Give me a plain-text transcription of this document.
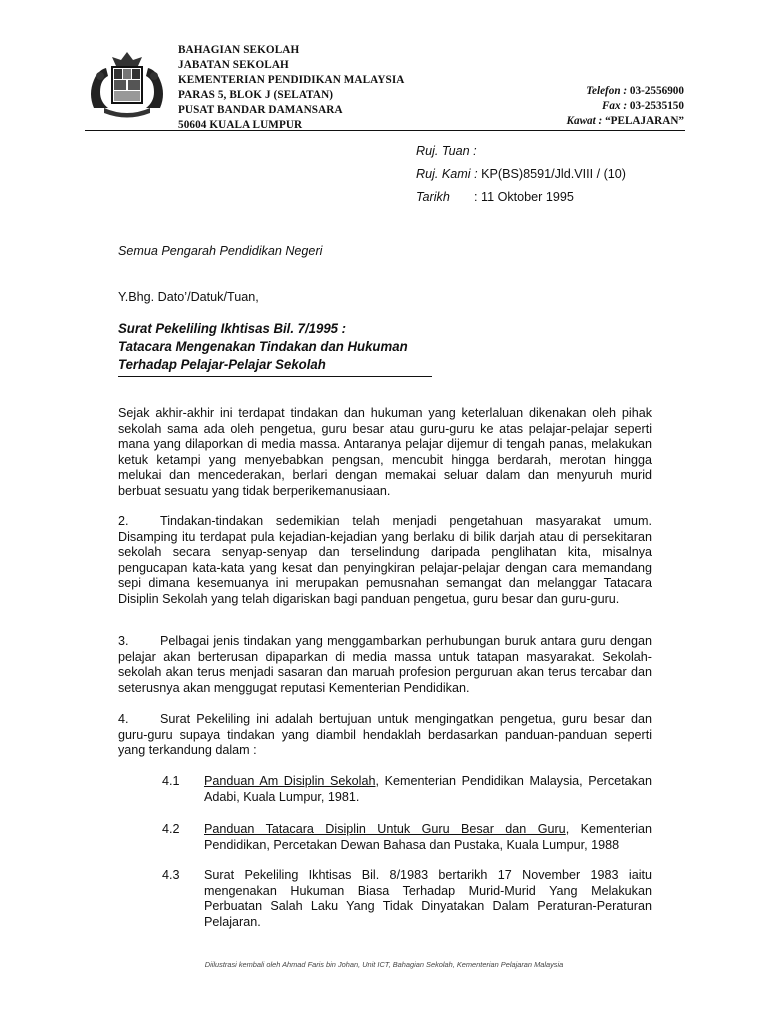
BAHAGIAN SEKOLAH
JABATAN SEKOLAH
KEMENTERIAN PENDIDIKAN MALAYSIA
PARAS 5, BLOK J (SELATAN)
PUSAT BANDAR DAMANSARA
50604 KUALA LUMPUR
Telefon : 03-2556900
Fax : 03-2535150
Kawat : “PELAJARAN”
Ruj. Tuan :
Ruj. Kami : KP(BS)8591/Jld.VIII / (10)
Tarikh : 11 Oktober 1995
Semua Pengarah Pendidikan Negeri
Y.Bhg. Dato’/Datuk/Tuan,
Surat Pekeliling Ikhtisas Bil. 7/1995 :
Tatacara Mengenakan Tindakan dan Hukuman
Terhadap Pelajar-Pelajar Sekolah
Sejak akhir-akhir ini terdapat tindakan dan hukuman yang keterlaluan dikenakan oleh pihak sekolah sama ada oleh pengetua, guru besar atau guru-guru ke atas pelajar-pelajar seperti mana yang dilaporkan di media massa. Antaranya pelajar dijemur di tengah panas, melakukan ketuk ketampi yang menyebabkan pengsan, mencubit hingga berdarah, merotan hingga melukai dan mencederakan, berlari dengan memakai seluar dalam dan menyuruh murid berbuat sesuatu yang tidak berperikemanusiaan.
2. Tindakan-tindakan sedemikian telah menjadi pengetahuan masyarakat umum. Disamping itu terdapat pula kejadian-kejadian yang berlaku di bilik darjah atau di persekitaran sekolah secara senyap-senyap dan terselindung daripada penglihatan kita, misalnya pengucapan kata-kata yang kesat dan penyingkiran pelajar-pelajar dengan cara memandang sepi dimana kesemuanya ini merupakan pemusnahan semangat dan melanggar Tatacara Disiplin Sekolah yang telah digariskan bagi panduan pengetua, guru besar dan guru-guru.
3. Pelbagai jenis tindakan yang menggambarkan perhubungan buruk antara guru dengan pelajar akan berterusan dipaparkan di media massa untuk tatapan masyarakat. Sekolah-sekolah akan terus menjadi sasaran dan maruah profesion perguruan akan terus tercabar dan seterusnya akan menggugat reputasi Kementerian Pendidikan.
4. Surat Pekeliling ini adalah bertujuan untuk mengingatkan pengetua, guru besar dan guru-guru supaya tindakan yang diambil hendaklah berdasarkan panduan-panduan seperti yang terkandung dalam :
4.1	Panduan Am Disiplin Sekolah, Kementerian Pendidikan Malaysia, Percetakan Adabi, Kuala Lumpur, 1981.
4.2	Panduan Tatacara Disiplin Untuk Guru Besar dan Guru, Kementerian Pendidikan, Percetakan Dewan Bahasa dan Pustaka, Kuala Lumpur, 1988
4.3	Surat Pekeliling Ikhtisas Bil. 8/1983 bertarikh 17 November 1983 iaitu mengenakan Hukuman Biasa Terhadap Murid-Murid Yang Melakukan Perbuatan Salah Laku Yang Tidak Dinyatakan Dalam Peraturan-Peraturan Pelajaran.
Diilustrasi kembali oleh Ahmad Faris bin Johan, Unit ICT, Bahagian Sekolah, Kementerian Pelajaran Malaysia
